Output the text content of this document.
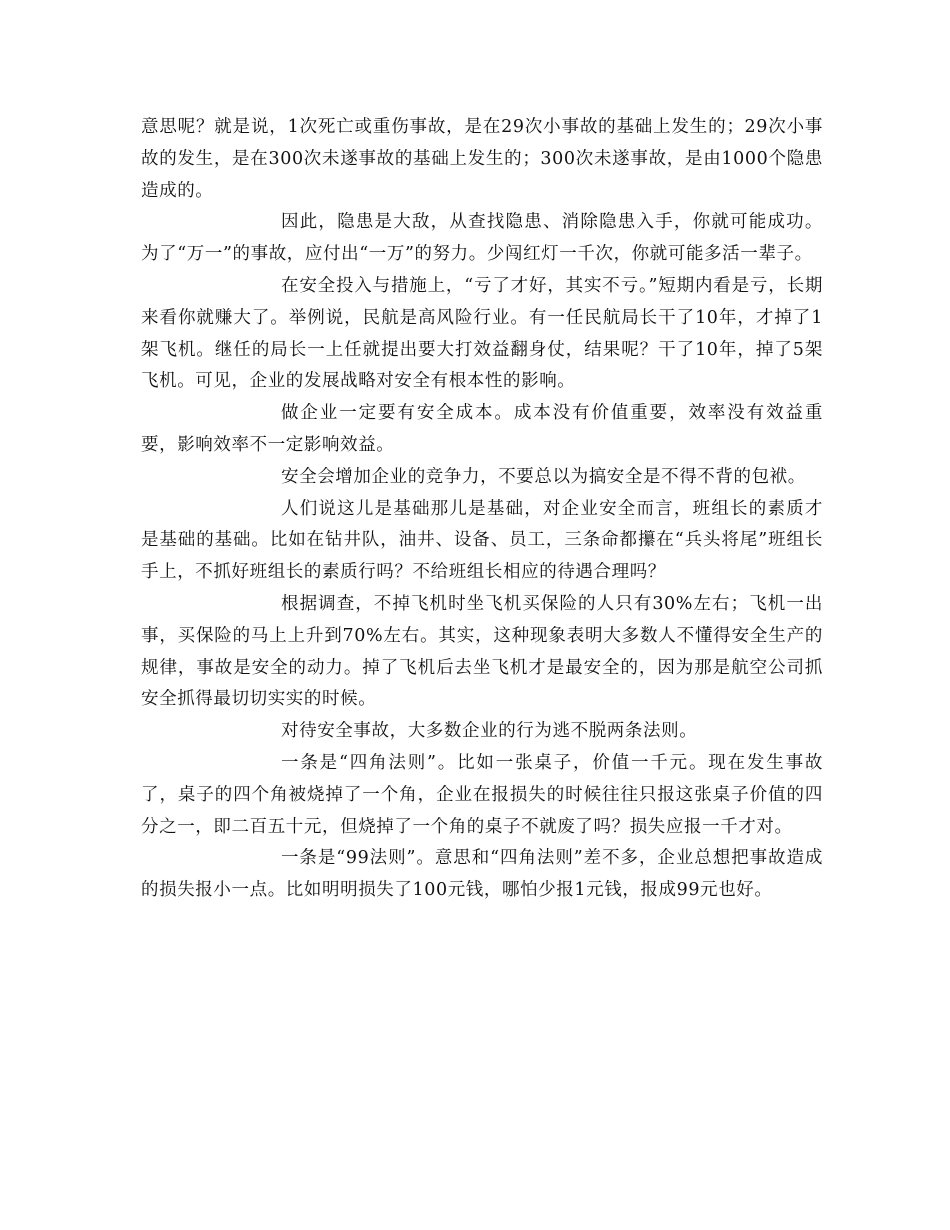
意思呢？就是说，1次死亡或重伤事故，是在29次小事故的基础上发生的；29次小事故的发生，是在300次未遂事故的基础上发生的；300次未遂事故，是由1000个隐患造成的。

因此，隐患是大敌，从查找隐患、消除隐患入手，你就可能成功。为了“万一”的事故，应付出“一万”的努力。少闯红灯一千次，你就可能多活一辈子。

在安全投入与措施上，“亏了才好，其实不亏。”短期内看是亏，长期来看你就赚大了。举例说，民航是高风险行业。有一任民航局长干了10年，才掉了1架飞机。继任的局长一上任就提出要大打效益翻身仗，结果呢？干了10年，掉了5架飞机。可见，企业的发展战略对安全有根本性的影响。

做企业一定要有安全成本。成本没有价值重要，效率没有效益重要，影响效率不一定影响效益。

安全会增加企业的竞争力，不要总以为搞安全是不得不背的包袱。

人们说这儿是基础那儿是基础，对企业安全而言，班组长的素质才是基础的基础。比如在钻井队，油井、设备、员工，三条命都攥在“兵头将尾”班组长手上，不抓好班组长的素质行吗？不给班组长相应的待遇合理吗？

根据调查，不掉飞机时坐飞机买保险的人只有30%左右；飞机一出事，买保险的马上上升到70%左右。其实，这种现象表明大多数人不懂得安全生产的规律，事故是安全的动力。掉了飞机后去坐飞机才是最安全的，因为那是航空公司抓安全抓得最切切实实的时候。

对待安全事故，大多数企业的行为逃不脱两条法则。

一条是“四角法则”。比如一张桌子，价值一千元。现在发生事故了，桌子的四个角被烧掉了一个角，企业在报损失的时候往往只报这张桌子价值的四分之一，即二百五十元，但烧掉了一个角的桌子不就废了吗？损失应报一千才对。

一条是“99法则”。意思和“四角法则”差不多，企业总想把事故造成的损失报小一点。比如明明损失了100元钱，哪怕少报1元钱，报成99元也好。
